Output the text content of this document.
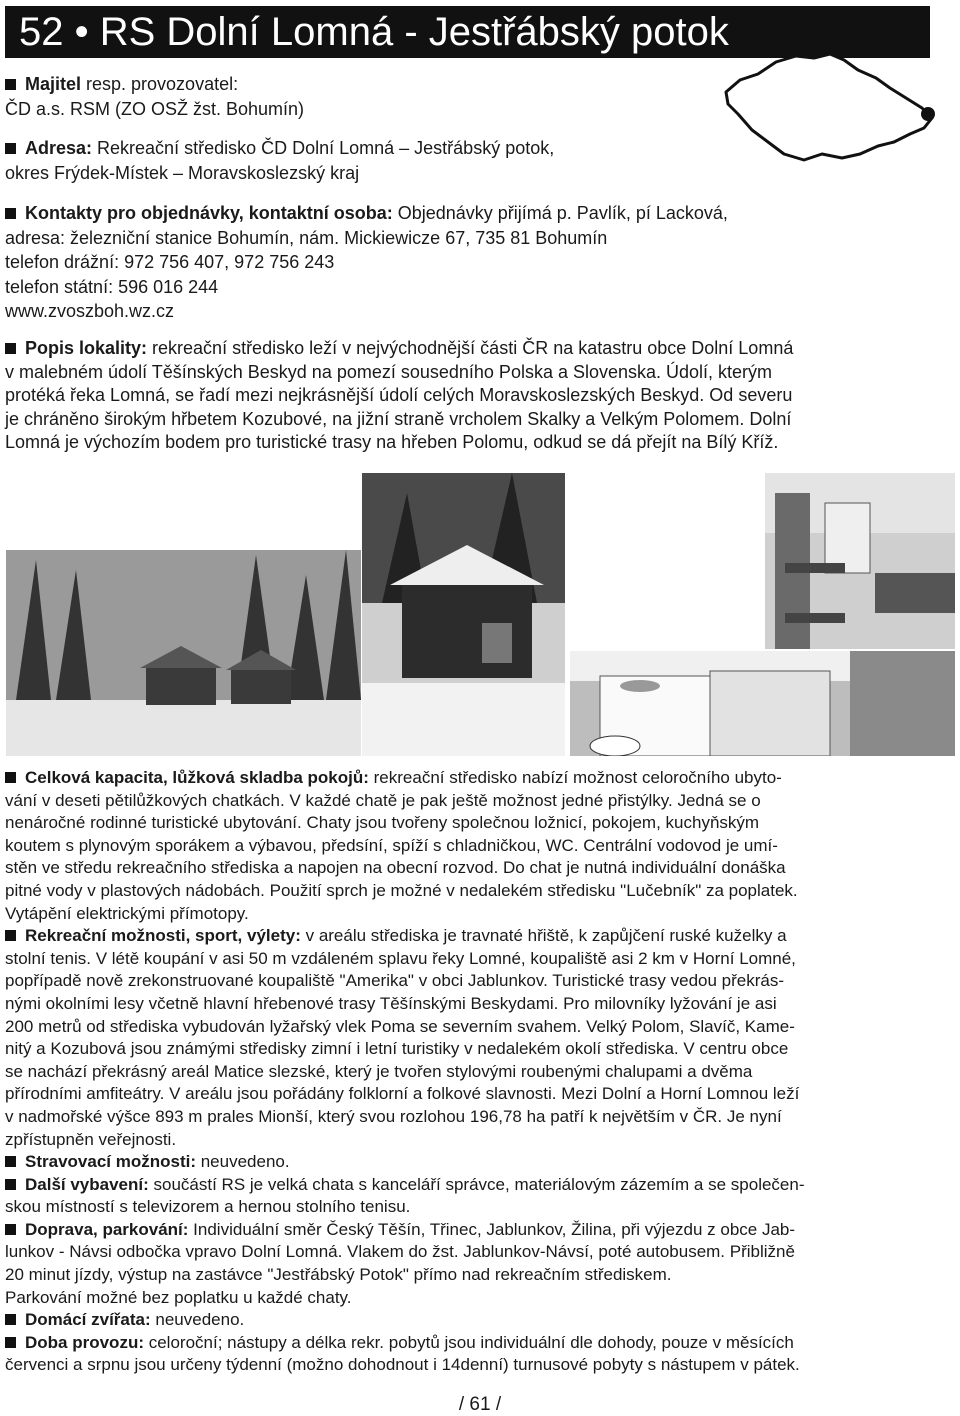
52 • RS Dolní Lomná - Jestřábský potok
Majitel resp. provozovatel:
ČD a.s. RSM (ZO OSŽ žst. Bohumín)
Adresa: Rekreační středisko ČD Dolní Lomná – Jestřábský potok,
okres Frýdek-Místek – Moravskoslezský kraj
Kontakty pro objednávky, kontaktní osoba: Objednávky přijímá p. Pavlík, pí Lacková,
adresa: železniční stanice Bohumín, nám. Mickiewicze 67, 735 81 Bohumín
telefon drážní: 972 756 407, 972 756 243
telefon státní: 596 016 244
www.zvoszboh.wz.cz
Popis lokality: rekreační středisko leží v nejvýchodnější části ČR na katastru obce Dolní Lomná
v malebném údolí Těšínských Beskyd na pomezí sousedního Polska a Slovenska. Údolí, kterým
protéká řeka Lomná, se řadí mezi nejkrásnější údolí celých Moravskoslezských Beskyd. Od severu
je chráněno širokým hřbetem Kozubové, na jižní straně vrcholem Skalky a Velkým Polomem. Dolní
Lomná je výchozím bodem pro turistické trasy na hřeben Polomu, odkud se dá přejít na Bílý Kříž.

Celková kapacita, lůžková skladba pokojů: rekreační středisko nabízí možnost celoročního ubyto-

vání v deseti pětilůžkových chatkách. V každé chatě je pak ještě možnost jedné přistýlky. Jedná se o

nenáročné rodinné turistické ubytování. Chaty jsou tvořeny společnou ložnicí, pokojem, kuchyňským

koutem s plynovým sporákem a výbavou, předsíní, spíží s chladničkou, WC. Centrální vodovod je umí-

stěn ve středu rekreačního střediska a napojen na obecní rozvod. Do chat je nutná individuální donáška

pitné vody v plastových nádobách. Použití sprch je možné v nedalekém středisku "Lučebník" za poplatek.

Vytápění elektrickými přímotopy.

Rekreační možnosti, sport, výlety: v areálu střediska je travnaté hřiště, k zapůjčení ruské kuželky a

stolní tenis. V létě koupání v asi 50 m vzdáleném splavu řeky Lomné, koupaliště asi 2 km v Horní Lomné,

popřípadě nově zrekonstruované koupaliště "Amerika" v obci Jablunkov. Turistické trasy vedou překrás-

nými okolními lesy včetně hlavní hřebenové trasy Těšínskými Beskydami. Pro milovníky lyžování je asi

200 metrů od střediska vybudován lyžařský vlek Poma se severním svahem. Velký Polom, Slavíč, Kame-

nitý a Kozubová jsou známými středisky zimní i letní turistiky v nedalekém okolí střediska. V centru obce

se nachází překrásný areál Matice slezské, který je tvořen stylovými roubenými chalupami a dvěma

přírodními amfiteátry. V areálu jsou pořádány folklorní a folkové slavnosti. Mezi Dolní a Horní Lomnou leží

v nadmořské výšce 893 m prales Mionší, který svou rozlohou 196,78 ha patří k největším v ČR. Je nyní

zpřístupněn veřejnosti.

Stravovací možnosti: neuvedeno.

Další vybavení: součástí RS je velká chata s kanceláří správce, materiálovým zázemím a se společen-

skou místností s televizorem a hernou stolního tenisu.

Doprava, parkování: Individuální směr Český Těšín, Třinec, Jablunkov, Žilina, při výjezdu z obce Jab-

lunkov - Návsi odbočka vpravo Dolní Lomná. Vlakem do žst. Jablunkov-Návsí, poté autobusem. Přibližně

20 minut jízdy, výstup na zastávce "Jestřábský Potok" přímo nad rekreačním střediskem.

Parkování možné bez poplatku u každé chaty.

Domácí zvířata: neuvedeno.

Doba provozu: celoroční; nástupy a délka rekr. pobytů jsou individuální dle dohody, pouze v měsících

červenci a srpnu jsou určeny týdenní (možno dohodnout i 14denní) turnusové pobyty s nástupem v pátek.

/ 61 /
